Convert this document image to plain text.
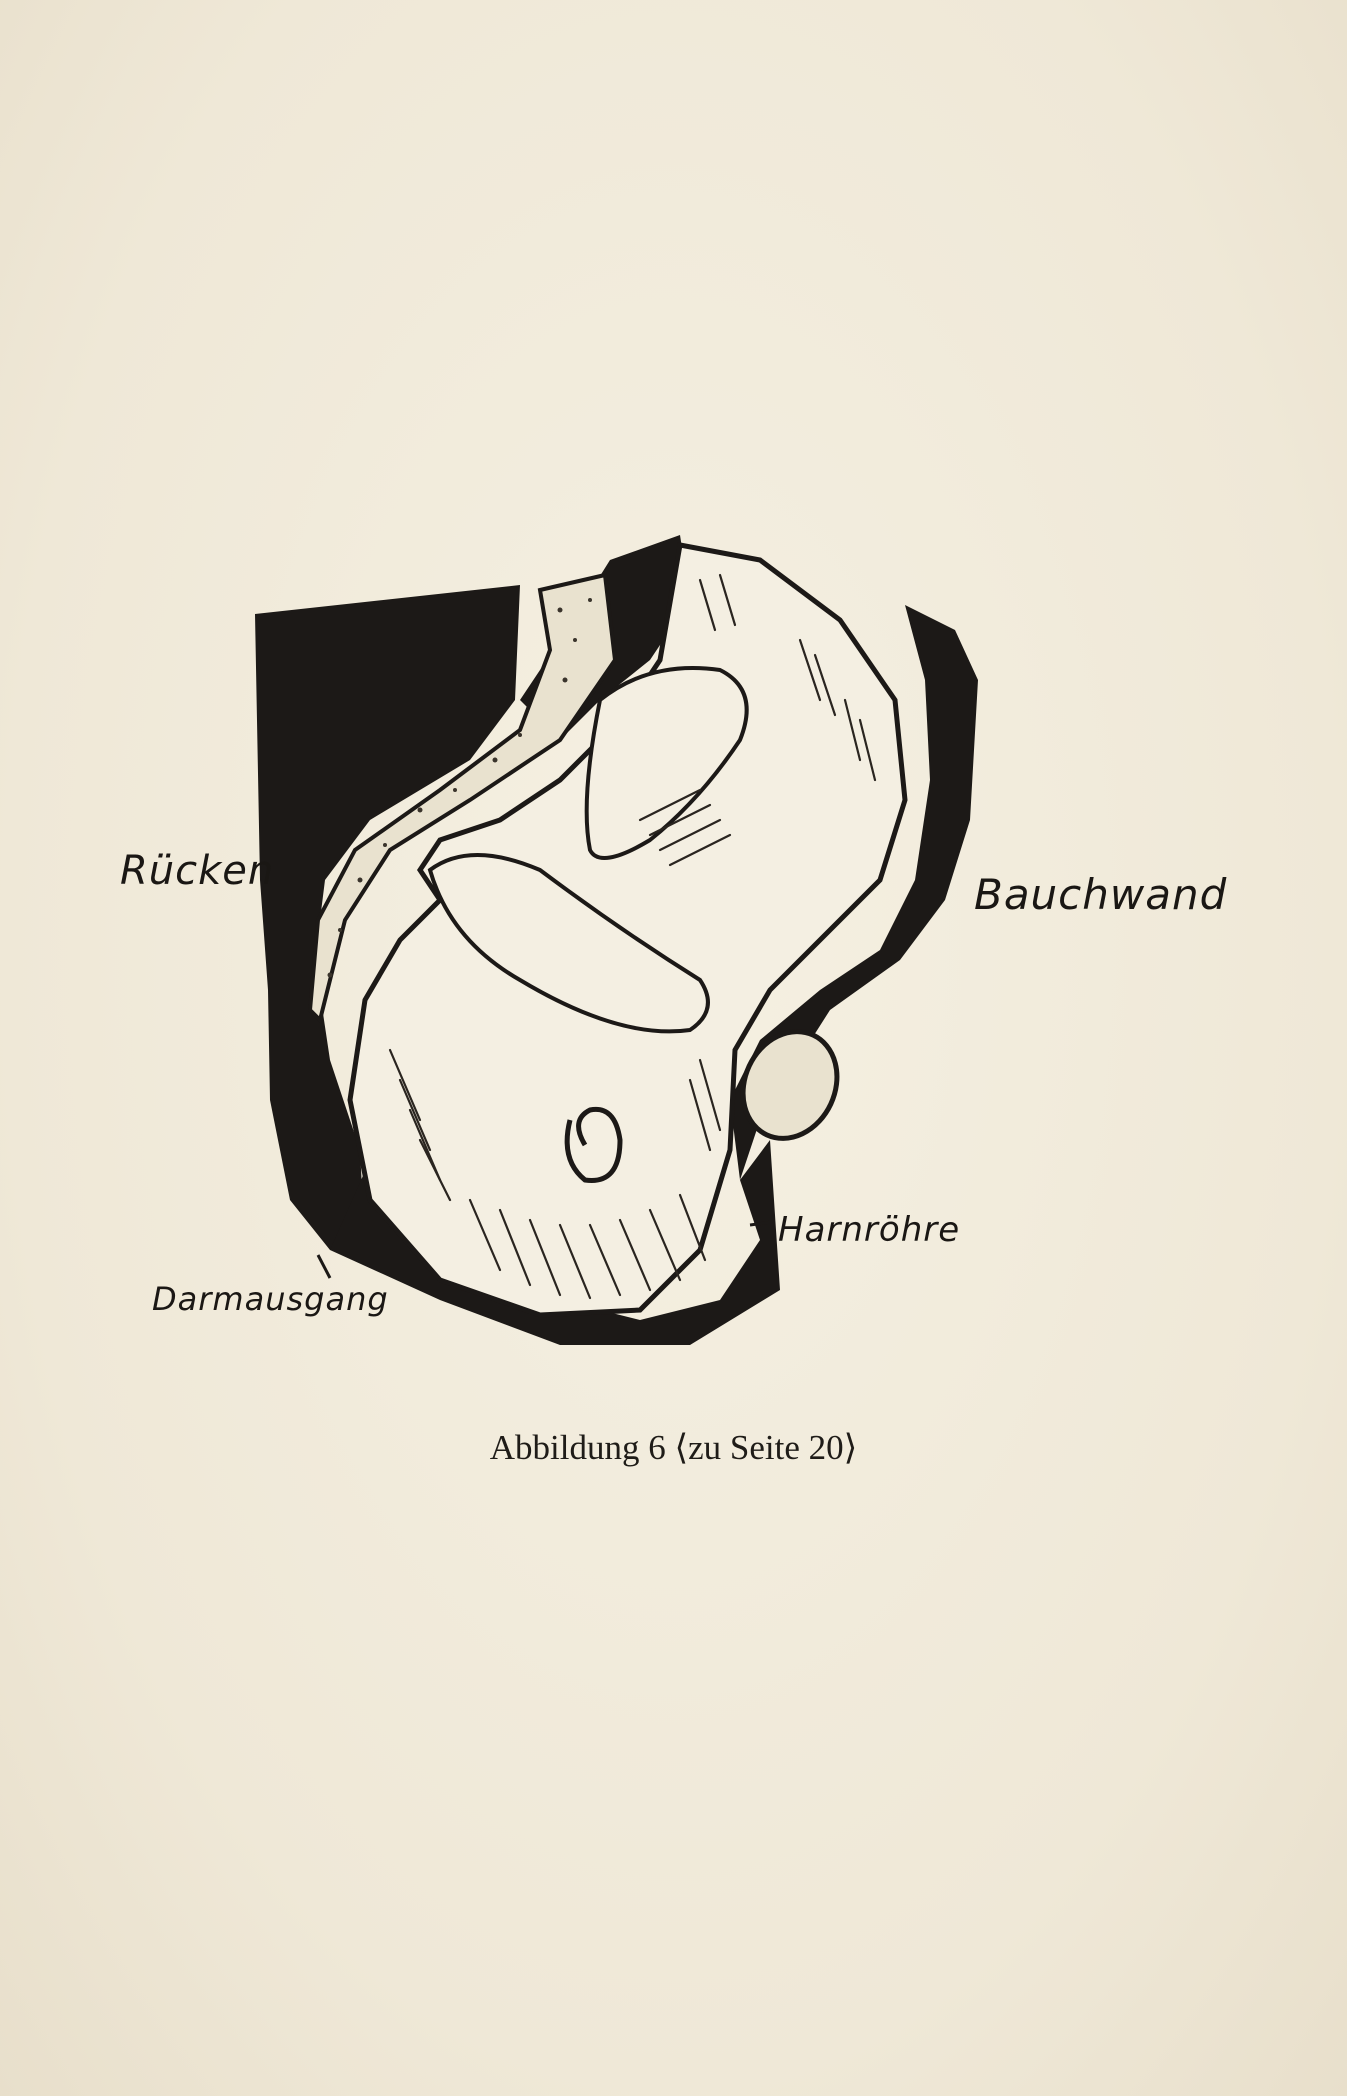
Rücken	Bauchwand
Harnröhre
Darmausgang
Abbildung 6 ⟨zu Seite 20⟩
